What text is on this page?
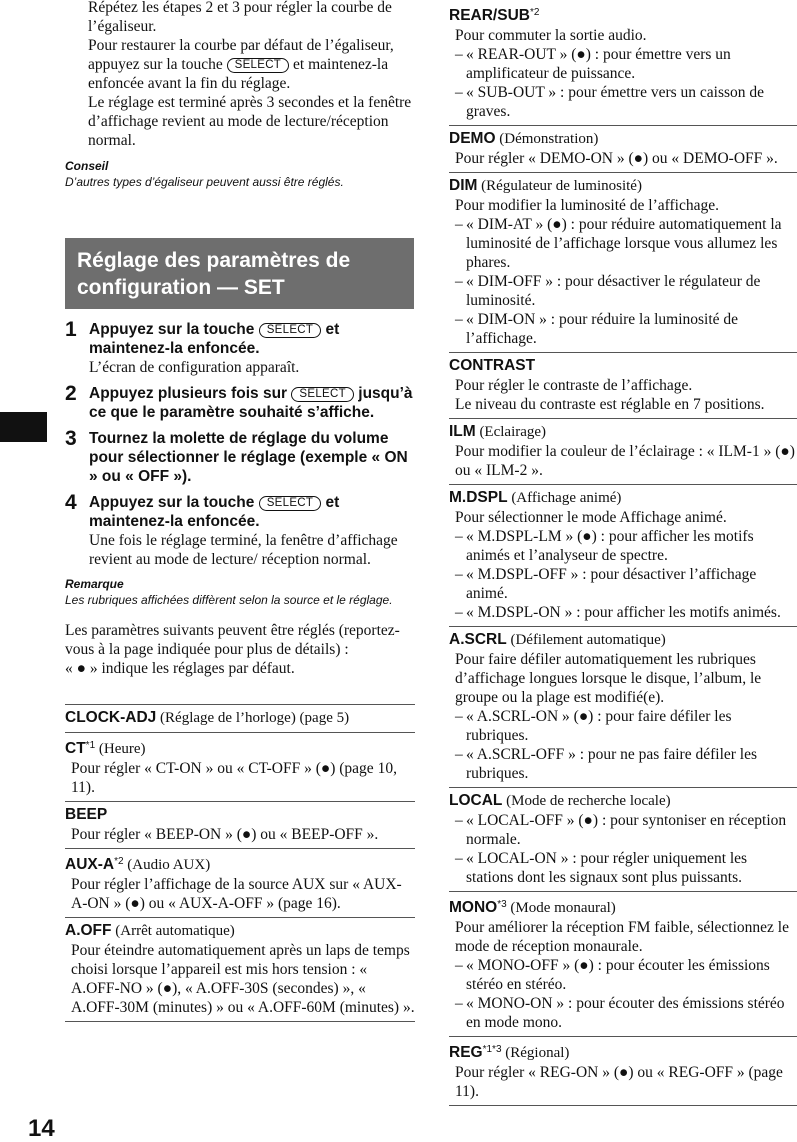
Répétez les étapes 2 et 3 pour régler la courbe de l’égaliseur.

Pour restaurer la courbe par défaut de l’égaliseur, appuyez sur la touche SELECT et maintenez-la enfoncée avant la fin du réglage.

Le réglage est terminé après 3 secondes et la fenêtre d’affichage revient au mode de lecture/réception normal.

Conseil

D’autres types d’égaliseur peuvent aussi être réglés.

Réglage des paramètres de
configuration — SET
1 Appuyez sur la touche SELECT et maintenez-la enfoncée.

L’écran de configuration apparaît.

2 Appuyez plusieurs fois sur SELECT jusqu’à ce que le paramètre souhaité s’affiche.

3 Tournez la molette de réglage du volume pour sélectionner le réglage (exemple « ON » ou « OFF »).

4 Appuyez sur la touche SELECT et maintenez-la enfoncée.

Une fois le réglage terminé, la fenêtre d’affichage revient au mode de lecture/ réception normal.

Remarque

Les rubriques affichées diffèrent selon la source et le réglage.

Les paramètres suivants peuvent être réglés (reportez-vous à la page indiquée pour plus de détails) :

« ● » indique les réglages par défaut.

CLOCK-ADJ (Réglage de l’horloge) (page 5)

CT$^{*1}$ (Heure)

Pour régler « CT-ON » ou « CT-OFF » (●) (page 10, 11).

BEEP

Pour régler « BEEP-ON » (●) ou « BEEP-OFF ».

AUX-$A^{*2}$ (Audio AUX)

Pour régler l’affichage de la source AUX sur « AUX-A-ON » (●) ou « AUX-A-OFF » (page 16).

A.OFF (Arrêt automatique)

Pour éteindre automatiquement après un laps de temps choisi lorsque l’appareil est mis hors tension : « A.OFF-NO » (●), « A.OFF-30S (secondes) », « A.OFF-30M (minutes) » ou « A.OFF-60M (minutes) ».

REAR/SUB$^{*2}$

Pour commuter la sortie audio.

– « REAR-OUT » (●) : pour émettre vers un amplificateur de puissance.

– « SUB-OUT » : pour émettre vers un caisson de graves.

DEMO (Démonstration)

Pour régler « DEMO-ON » (●) ou « DEMO-OFF ».

DIM (Régulateur de luminosité)

Pour modifier la luminosité de l’affichage.

– « DIM-AT » (●) : pour réduire automatiquement la luminosité de l’affichage lorsque vous allumez les phares.

– « DIM-OFF » : pour désactiver le régulateur de luminosité.

– « DIM-ON » : pour réduire la luminosité de l’affichage.

CONTRAST

Pour régler le contraste de l’affichage.

Le niveau du contraste est réglable en 7 positions.

ILM (Eclairage)

Pour modifier la couleur de l’éclairage : « ILM-1 » (●) ou « ILM-2 ».

M.DSPL (Affichage animé)

Pour sélectionner le mode Affichage animé.

– « M.DSPL-LM » (●) : pour afficher les motifs animés et l’analyseur de spectre.

– « M.DSPL-OFF » : pour désactiver l’affichage animé.

– « M.DSPL-ON » : pour afficher les motifs animés.

A.SCRL (Défilement automatique)

Pour faire défiler automatiquement les rubriques d’affichage longues lorsque le disque, l’album, le groupe ou la plage est modifié(e).

– « A.SCRL-ON » (●) : pour faire défiler les rubriques.

– « A.SCRL-OFF » : pour ne pas faire défiler les rubriques.

LOCAL (Mode de recherche locale)

– « LOCAL-OFF » (●) : pour syntoniser en réception normale.

– « LOCAL-ON » : pour régler uniquement les stations dont les signaux sont plus puissants.

MONO$^{*3}$ (Mode monaural)

Pour améliorer la réception FM faible, sélectionnez le mode de réception monaurale.

– « MONO-OFF » (●) : pour écouter les émissions stéréo en stéréo.

– « MONO-ON » : pour écouter des émissions stéréo en mode mono.

$REG^{*1*3}$ (Régional)

Pour régler « REG-ON » (●) ou « REG-OFF » (page 11).

14
